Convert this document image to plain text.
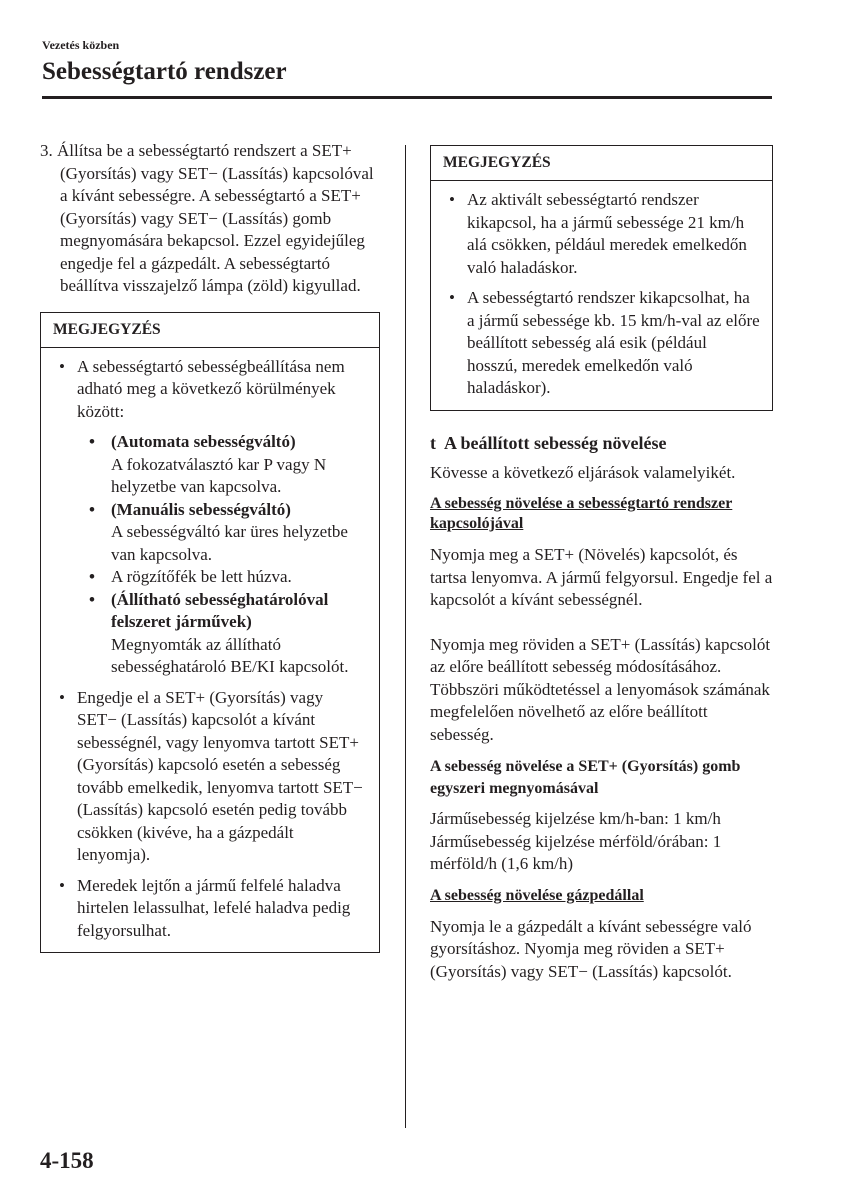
Vezetés közben
Sebességtartó rendszer

3. Állítsa be a sebességtartó rendszert a SET+ (Gyorsítás) vagy SET− (Lassítás) kapcsolóval a kívánt sebességre. A sebességtartó a SET+ (Gyorsítás) vagy SET− (Lassítás) gomb megnyomására bekapcsol. Ezzel egyidejűleg engedje fel a gázpedált. A sebességtartó beállítva visszajelző lámpa (zöld) kigyullad.

MEGJEGYZÉS
• A sebességtartó sebességbeállítása nem adható meg a következő körülmények között:
• (Automata sebességváltó)
A fokozatválasztó kar P vagy N helyzetbe van kapcsolva.
• (Manuális sebességváltó)
A sebességváltó kar üres helyzetbe van kapcsolva.
• A rögzítőfék be lett húzva.
• (Állítható sebességhatárolóval felszeret járművek)
Megnyomták az állítható sebességhatároló BE/KI kapcsolót.
• Engedje el a SET+ (Gyorsítás) vagy SET− (Lassítás) kapcsolót a kívánt sebességnél, vagy lenyomva tartott SET+ (Gyorsítás) kapcsoló esetén a sebesség tovább emelkedik, lenyomva tartott SET− (Lassítás) kapcsoló esetén pedig tovább csökken (kivéve, ha a gázpedált lenyomja).
• Meredek lejtőn a jármű felfelé haladva hirtelen lelassulhat, lefelé haladva pedig felgyorsulhat.
MEGJEGYZÉS
• Az aktivált sebességtartó rendszer kikapcsol, ha a jármű sebessége 21 km/h alá csökken, például meredek emelkedőn való haladáskor.
• A sebességtartó rendszer kikapcsolhat, ha a jármű sebessége kb. 15 km/h-val az előre beállított sebesség alá esik (például hosszú, meredek emelkedőn való haladáskor).

t A beállított sebesség növelése

Kövesse a következő eljárások valamelyikét.

A sebesség növelése a sebességtartó rendszer kapcsolójával

Nyomja meg a SET+ (Növelés) kapcsolót, és tartsa lenyomva. A jármű felgyorsul. Engedje fel a kapcsolót a kívánt sebességnél.

Nyomja meg röviden a SET+ (Lassítás) kapcsolót az előre beállított sebesség módosításához. Többszöri működtetéssel a lenyomások számának megfelelően növelhető az előre beállított sebesség.

A sebesség növelése a SET+ (Gyorsítás) gomb egyszeri megnyomásával

Járműsebesség kijelzése km/h-ban: 1 km/h

Járműsebesség kijelzése mérföld/órában: 1 mérföld/h (1,6 km/h)

A sebesség növelése gázpedállal

Nyomja le a gázpedált a kívánt sebességre való gyorsításhoz. Nyomja meg röviden a SET+ (Gyorsítás) vagy SET− (Lassítás) kapcsolót.

4-158
